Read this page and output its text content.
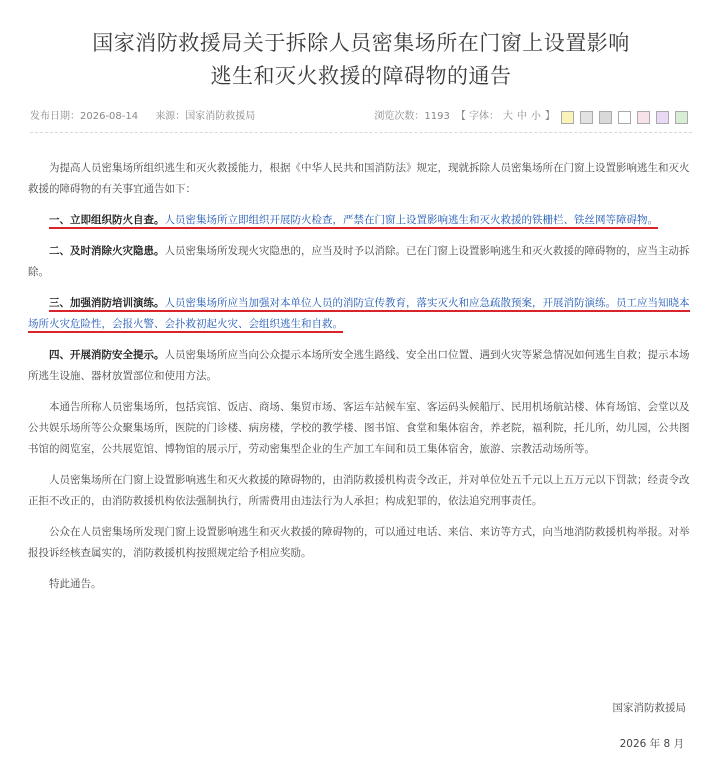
国家消防救援局关于拆除人员密集场所在门窗上设置影响
逃生和灭火救援的障碍物的通告
发布日期：2026-08-14 来源：国家消防救援局	浏览次数：1193 【 字体： 大 中 小 】

为提高人员密集场所组织逃生和灭火救援能力，根据《中华人民共和国消防法》规定，现就拆除人员密集场所在门窗上设置影响逃生和灭火救援的障碍物的有关事宜通告如下：

一、立即组织防火自查。人员密集场所立即组织开展防火检查，严禁在门窗上设置影响逃生和灭火救援的铁栅栏、铁丝网等障碍物。

二、及时消除火灾隐患。人员密集场所发现火灾隐患的，应当及时予以消除。已在门窗上设置影响逃生和灭火救援的障碍物的，应当主动拆除。

三、加强消防培训演练。人员密集场所应当加强对本单位人员的消防宣传教育，落实灭火和应急疏散预案，开展消防演练。员工应当知晓本场所火灾危险性，会报火警、会扑救初起火灾、会组织逃生和自救。

四、开展消防安全提示。人员密集场所应当向公众提示本场所安全逃生路线、安全出口位置、遇到火灾等紧急情况如何逃生自救；提示本场所逃生设施、器材放置部位和使用方法。

本通告所称人员密集场所，包括宾馆、饭店、商场、集贸市场、客运车站候车室、客运码头候船厅、民用机场航站楼、体育场馆、会堂以及公共娱乐场所等公众聚集场所，医院的门诊楼、病房楼，学校的教学楼、图书馆、食堂和集体宿舍，养老院，福利院，托儿所，幼儿园，公共图书馆的阅览室，公共展览馆、博物馆的展示厅，劳动密集型企业的生产加工车间和员工集体宿舍，旅游、宗教活动场所等。

人员密集场所在门窗上设置影响逃生和灭火救援的障碍物的，由消防救援机构责令改正，并对单位处五千元以上五万元以下罚款；经责令改正拒不改正的，由消防救援机构依法强制执行，所需费用由违法行为人承担；构成犯罪的，依法追究刑事责任。

公众在人员密集场所发现门窗上设置影响逃生和灭火救援的障碍物的，可以通过电话、来信、来访等方式，向当地消防救援机构举报。对举报投诉经核查属实的，消防救援机构按照规定给予相应奖励。

特此通告。

国家消防救援局
2026 年 8 月
